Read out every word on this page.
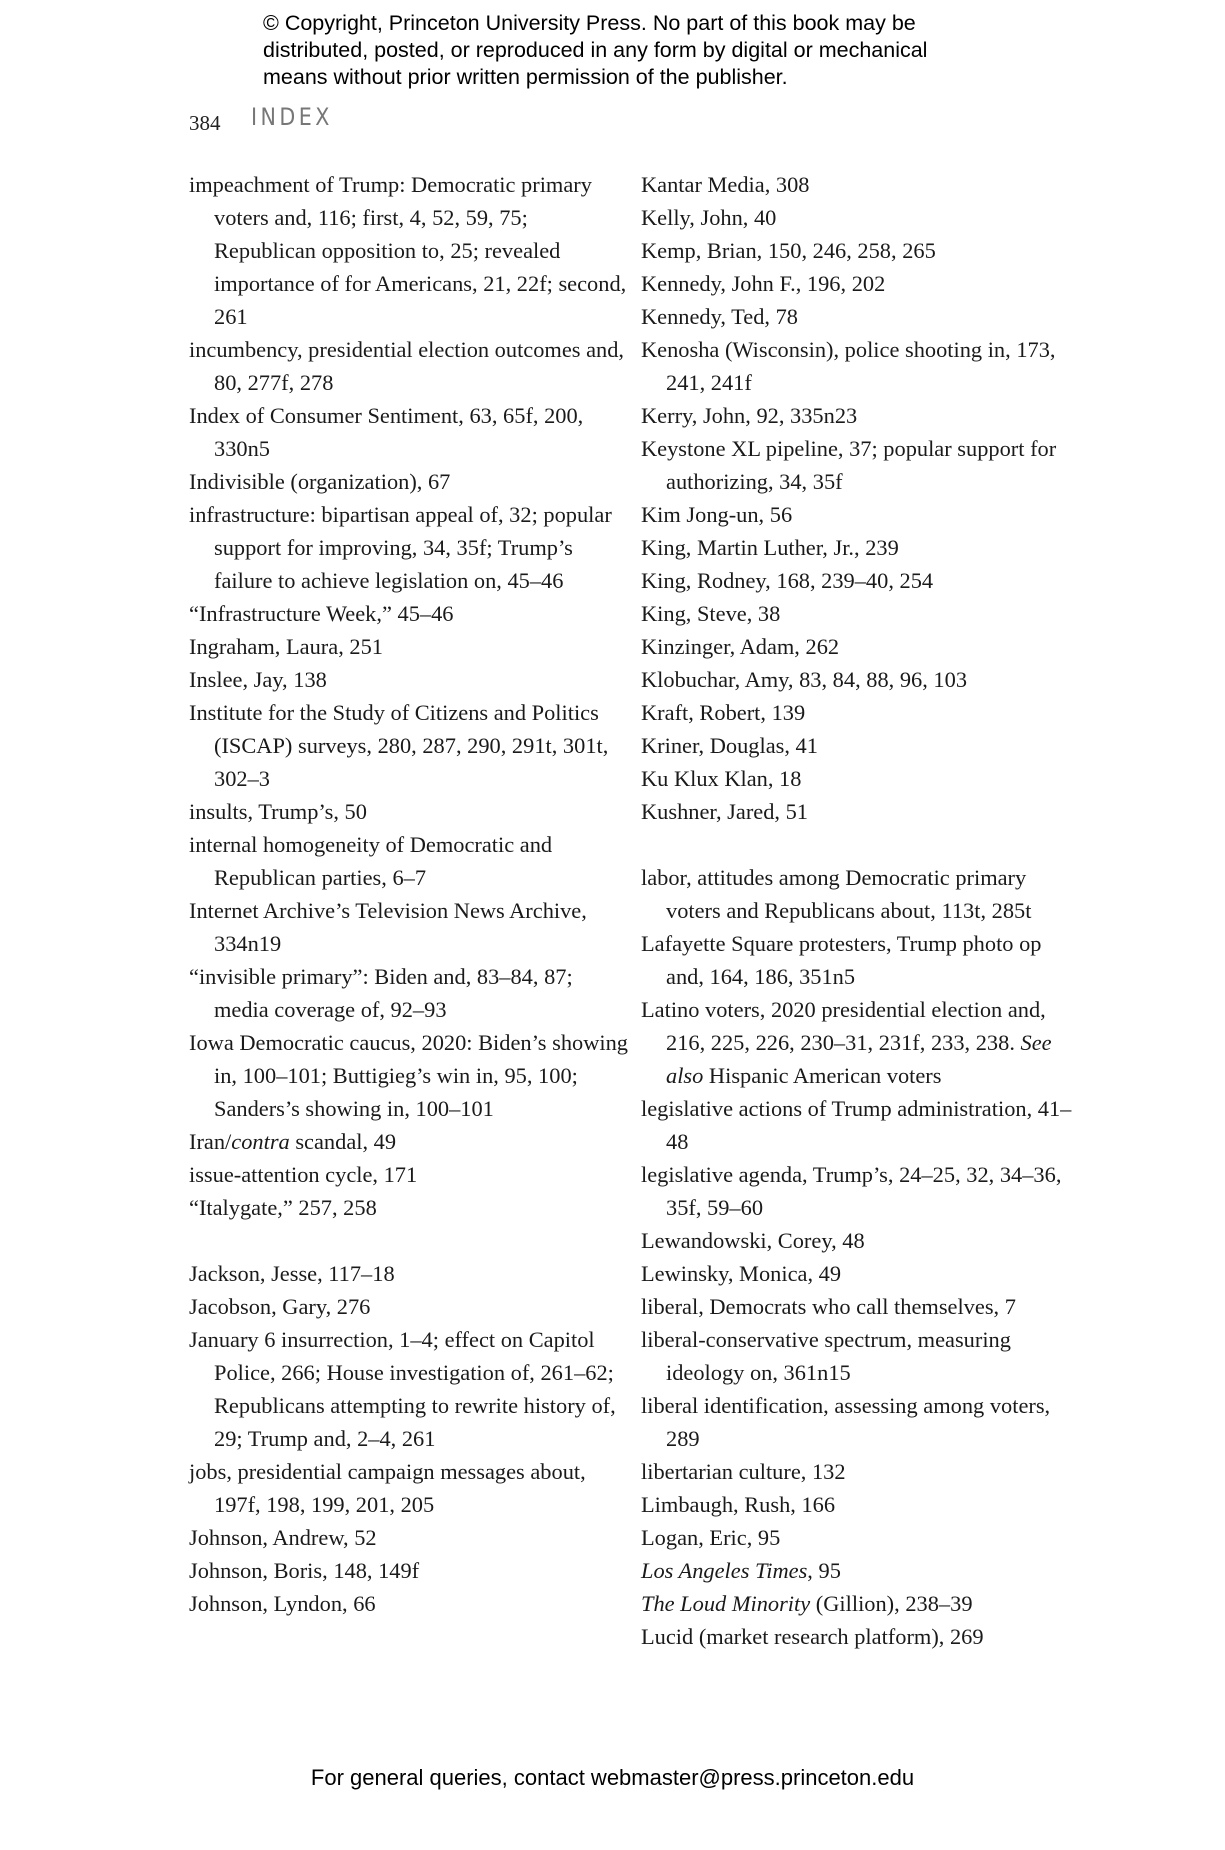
© Copyright, Princeton University Press. No part of this book may be distributed, posted, or reproduced in any form by digital or mechanical means without prior written permission of the publisher.
384 INDEX
impeachment of Trump: Democratic primary voters and, 116; first, 4, 52, 59, 75; Republican opposition to, 25; revealed importance of for Americans, 21, 22f; second, 261
incumbency, presidential election outcomes and, 80, 277f, 278
Index of Consumer Sentiment, 63, 65f, 200, 330n5
Indivisible (organization), 67
infrastructure: bipartisan appeal of, 32; popular support for improving, 34, 35f; Trump’s failure to achieve legislation on, 45–46
“Infrastructure Week,” 45–46
Ingraham, Laura, 251
Inslee, Jay, 138
Institute for the Study of Citizens and Politics (ISCAP) surveys, 280, 287, 290, 291t, 301t, 302–3
insults, Trump’s, 50
internal homogeneity of Democratic and Republican parties, 6–7
Internet Archive’s Television News Archive, 334n19
“invisible primary”: Biden and, 83–84, 87; media coverage of, 92–93
Iowa Democratic caucus, 2020: Biden’s showing in, 100–101; Buttigieg’s win in, 95, 100; Sanders’s showing in, 100–101
Iran/contra scandal, 49
issue-attention cycle, 171
“Italygate,” 257, 258
Jackson, Jesse, 117–18
Jacobson, Gary, 276
January 6 insurrection, 1–4; effect on Capitol Police, 266; House investigation of, 261–62; Republicans attempting to rewrite history of, 29; Trump and, 2–4, 261
jobs, presidential campaign messages about, 197f, 198, 199, 201, 205
Johnson, Andrew, 52
Johnson, Boris, 148, 149f
Johnson, Lyndon, 66
Kantar Media, 308
Kelly, John, 40
Kemp, Brian, 150, 246, 258, 265
Kennedy, John F., 196, 202
Kennedy, Ted, 78
Kenosha (Wisconsin), police shooting in, 173, 241, 241f
Kerry, John, 92, 335n23
Keystone XL pipeline, 37; popular support for authorizing, 34, 35f
Kim Jong-un, 56
King, Martin Luther, Jr., 239
King, Rodney, 168, 239–40, 254
King, Steve, 38
Kinzinger, Adam, 262
Klobuchar, Amy, 83, 84, 88, 96, 103
Kraft, Robert, 139
Kriner, Douglas, 41
Ku Klux Klan, 18
Kushner, Jared, 51
labor, attitudes among Democratic primary voters and Republicans about, 113t, 285t
Lafayette Square protesters, Trump photo op and, 164, 186, 351n5
Latino voters, 2020 presidential election and, 216, 225, 226, 230–31, 231f, 233, 238. See also Hispanic American voters
legislative actions of Trump administration, 41–48
legislative agenda, Trump’s, 24–25, 32, 34–36, 35f, 59–60
Lewandowski, Corey, 48
Lewinsky, Monica, 49
liberal, Democrats who call themselves, 7
liberal-conservative spectrum, measuring ideology on, 361n15
liberal identification, assessing among voters, 289
libertarian culture, 132
Limbaugh, Rush, 166
Logan, Eric, 95
Los Angeles Times, 95
The Loud Minority (Gillion), 238–39
Lucid (market research platform), 269
For general queries, contact webmaster@press.princeton.edu
